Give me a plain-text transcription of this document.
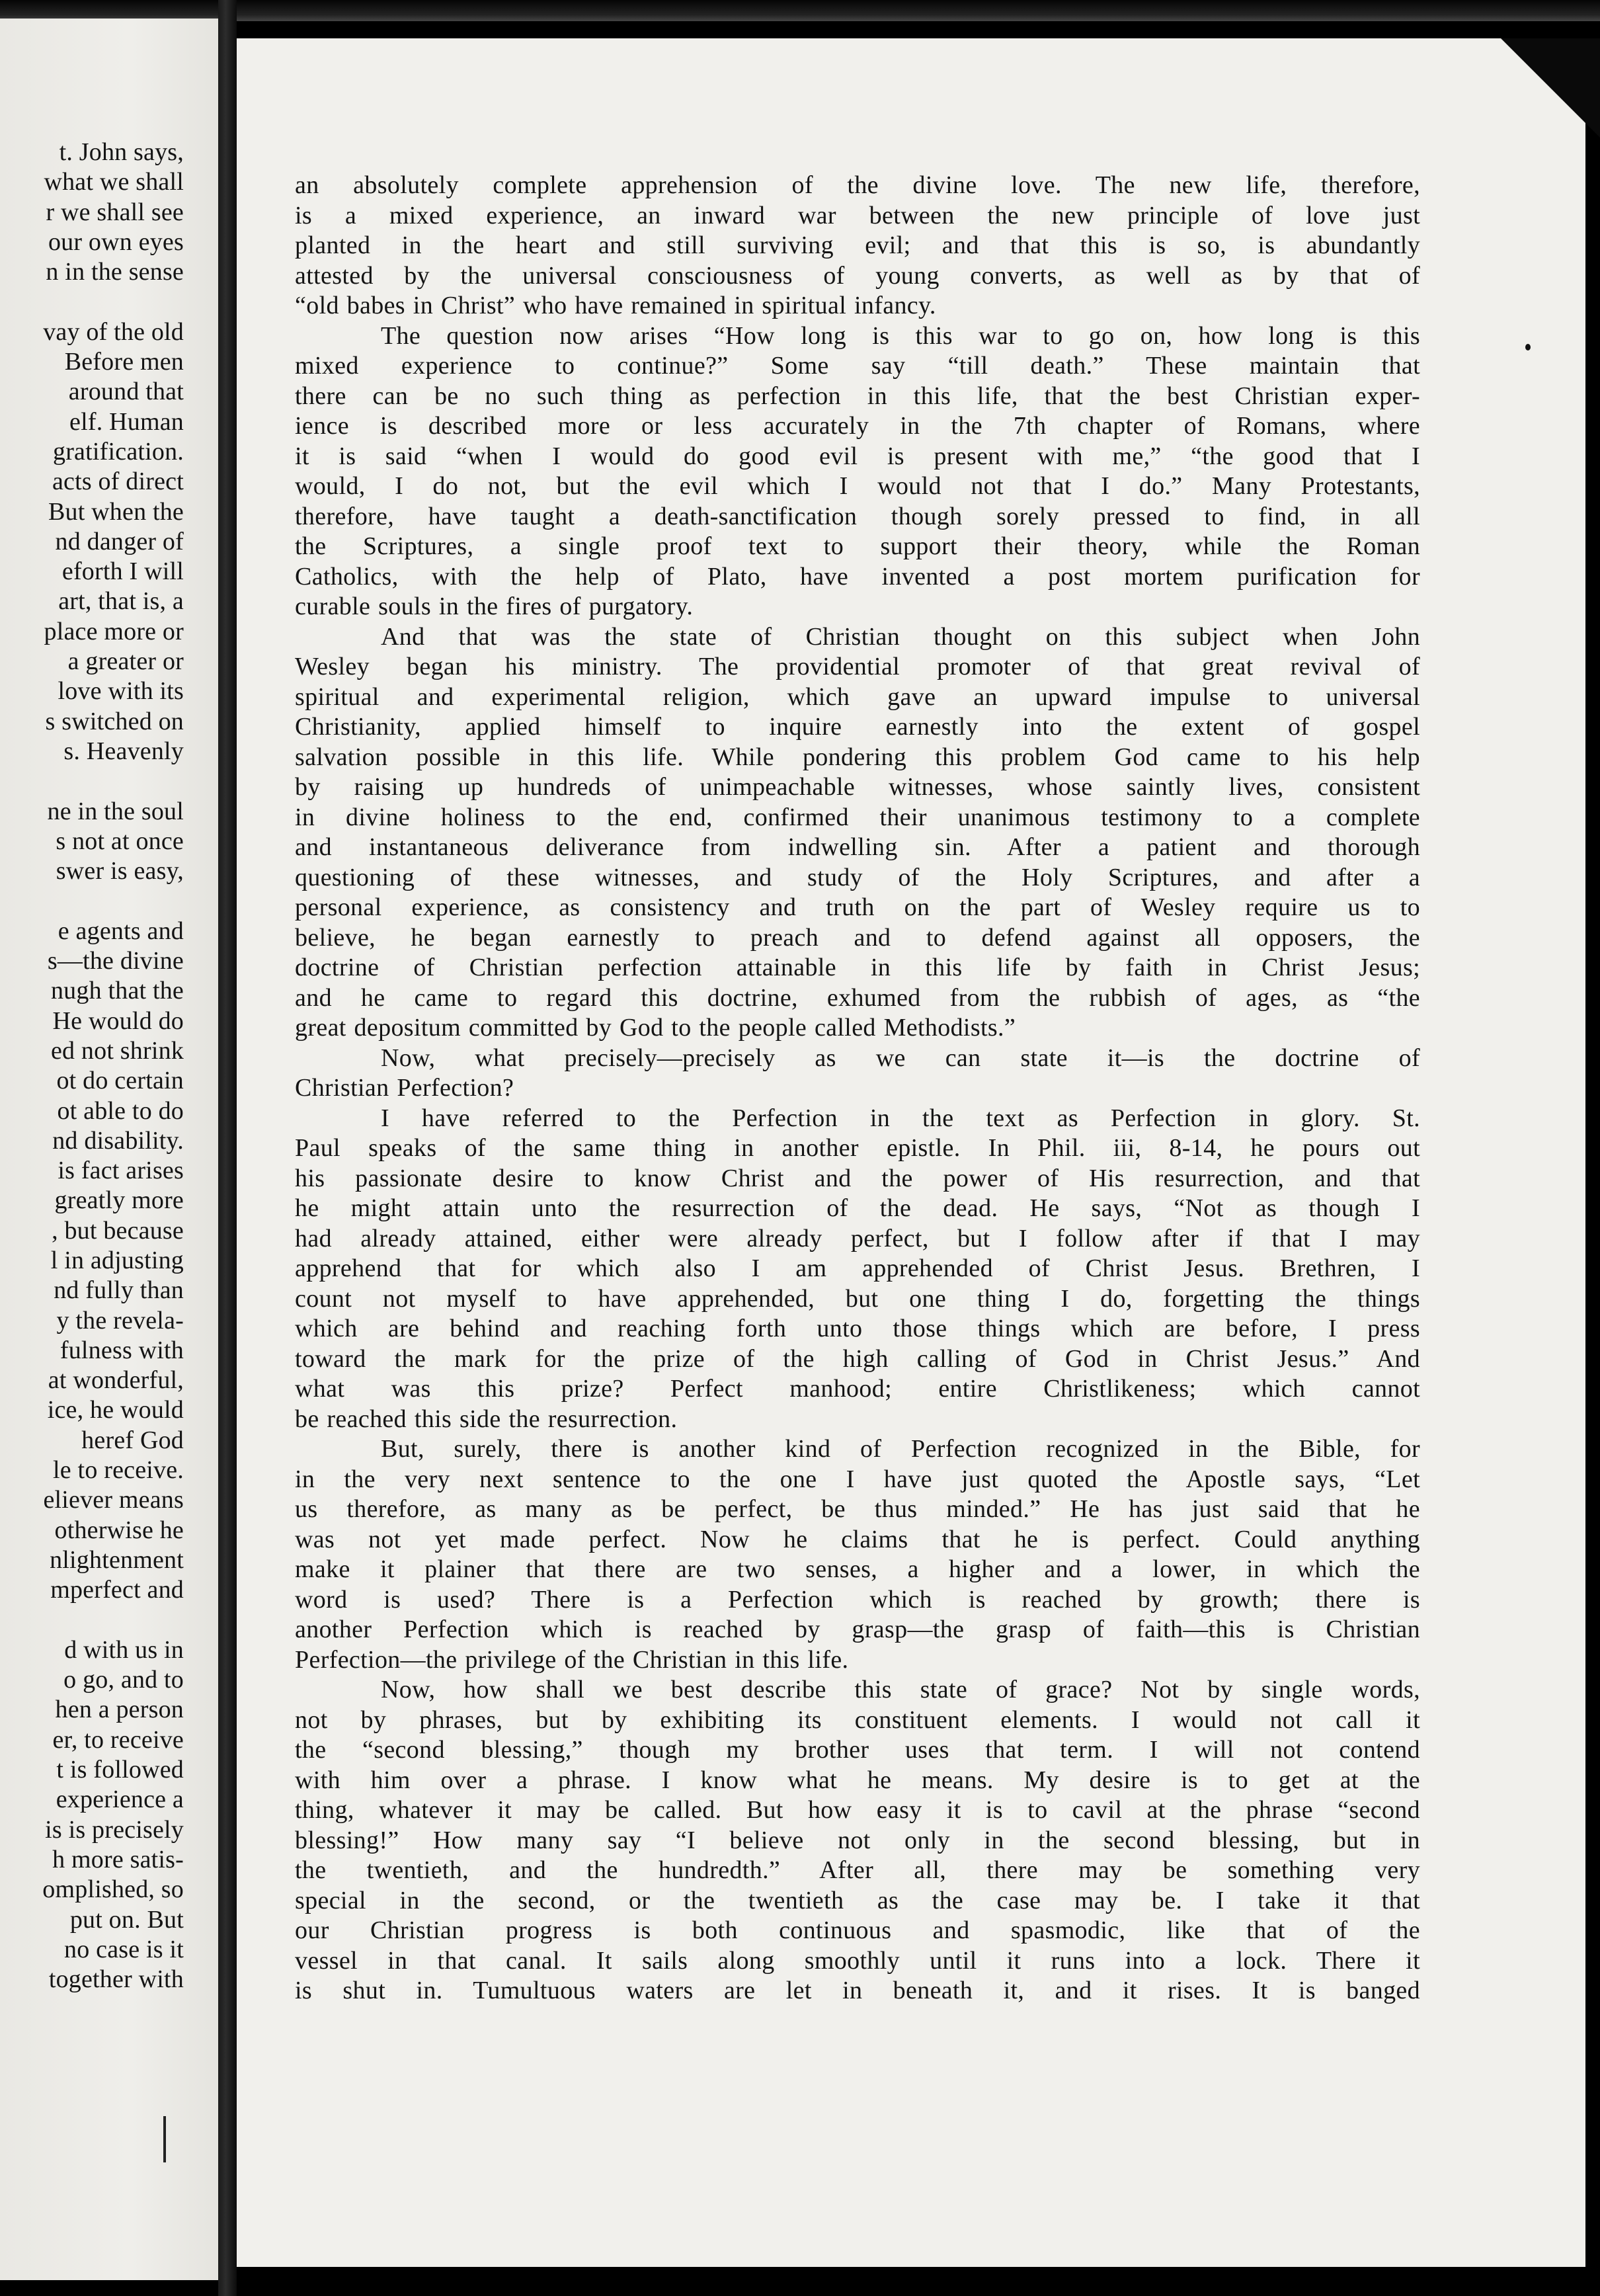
t. John says,
what we shall
r we shall see
our own eyes
n in the sense
vay of the old
Before men
around that
elf. Human
gratification.
acts of direct
But when the
nd danger of
eforth I will
art, that is, a
place more or
a greater or
love with its
s switched on
s. Heavenly
ne in the soul
s not at once
swer is easy,
e agents and
s—the divine
nugh that the
He would do
ed not shrink
ot do certain
ot able to do
nd disability.
is fact arises
greatly more
, but because
l in adjusting
nd fully than
y the revela-
fulness with
at wonderful,
ice, he would
heref God
le to receive.
eliever means
otherwise he
nlightenment
mperfect and
d with us in
o go, and to
hen a person
er, to receive
t is followed
experience a
is is precisely
h more satis-
omplished, so
put on. But
no case is it
together with
an absolutely complete apprehension of the divine love. The new life, therefore,
is a mixed experience, an inward war between the new principle of love just
planted in the heart and still surviving evil; and that this is so, is abundantly
attested by the universal consciousness of young converts, as well as by that of
“old babes in Christ” who have remained in spiritual infancy.
The question now arises “How long is this war to go on, how long is this
mixed experience to continue?” Some say “till death.” These maintain that
there can be no such thing as perfection in this life, that the best Christian exper-
ience is described more or less accurately in the 7th chapter of Romans, where
it is said “when I would do good evil is present with me,” “the good that I
would, I do not, but the evil which I would not that I do.” Many Protestants,
therefore, have taught a death-sanctification though sorely pressed to find, in all
the Scriptures, a single proof text to support their theory, while the Roman
Catholics, with the help of Plato, have invented a post mortem purification for
curable souls in the fires of purgatory.
And that was the state of Christian thought on this subject when John
Wesley began his ministry. The providential promoter of that great revival of
spiritual and experimental religion, which gave an upward impulse to universal
Christianity, applied himself to inquire earnestly into the extent of gospel
salvation possible in this life. While pondering this problem God came to his help
by raising up hundreds of unimpeachable witnesses, whose saintly lives, consistent
in divine holiness to the end, confirmed their unanimous testimony to a complete
and instantaneous deliverance from indwelling sin. After a patient and thorough
questioning of these witnesses, and study of the Holy Scriptures, and after a
personal experience, as consistency and truth on the part of Wesley require us to
believe, he began earnestly to preach and to defend against all opposers, the
doctrine of Christian perfection attainable in this life by faith in Christ Jesus;
and he came to regard this doctrine, exhumed from the rubbish of ages, as “the
great depositum committed by God to the people called Methodists.”
Now, what precisely—precisely as we can state it—is the doctrine of
Christian Perfection?
I have referred to the Perfection in the text as Perfection in glory. St.
Paul speaks of the same thing in another epistle. In Phil. iii, 8-14, he pours out
his passionate desire to know Christ and the power of His resurrection, and that
he might attain unto the resurrection of the dead. He says, “Not as though I
had already attained, either were already perfect, but I follow after if that I may
apprehend that for which also I am apprehended of Christ Jesus. Brethren, I
count not myself to have apprehended, but one thing I do, forgetting the things
which are behind and reaching forth unto those things which are before, I press
toward the mark for the prize of the high calling of God in Christ Jesus.” And
what was this prize? Perfect manhood; entire Christlikeness; which cannot
be reached this side the resurrection.
But, surely, there is another kind of Perfection recognized in the Bible, for
in the very next sentence to the one I have just quoted the Apostle says, “Let
us therefore, as many as be perfect, be thus minded.” He has just said that he
was not yet made perfect. Now he claims that he is perfect. Could anything
make it plainer that there are two senses, a higher and a lower, in which the
word is used? There is a Perfection which is reached by growth; there is
another Perfection which is reached by grasp—the grasp of faith—this is Christian
Perfection—the privilege of the Christian in this life.
Now, how shall we best describe this state of grace? Not by single words,
not by phrases, but by exhibiting its constituent elements. I would not call it
the “second blessing,” though my brother uses that term. I will not contend
with him over a phrase. I know what he means. My desire is to get at the
thing, whatever it may be called. But how easy it is to cavil at the phrase “second
blessing!” How many say “I believe not only in the second blessing, but in
the twentieth, and the hundredth.” After all, there may be something very
special in the second, or the twentieth as the case may be. I take it that
our Christian progress is both continuous and spasmodic, like that of the
vessel in that canal. It sails along smoothly until it runs into a lock. There it
is shut in. Tumultuous waters are let in beneath it, and it rises. It is banged
